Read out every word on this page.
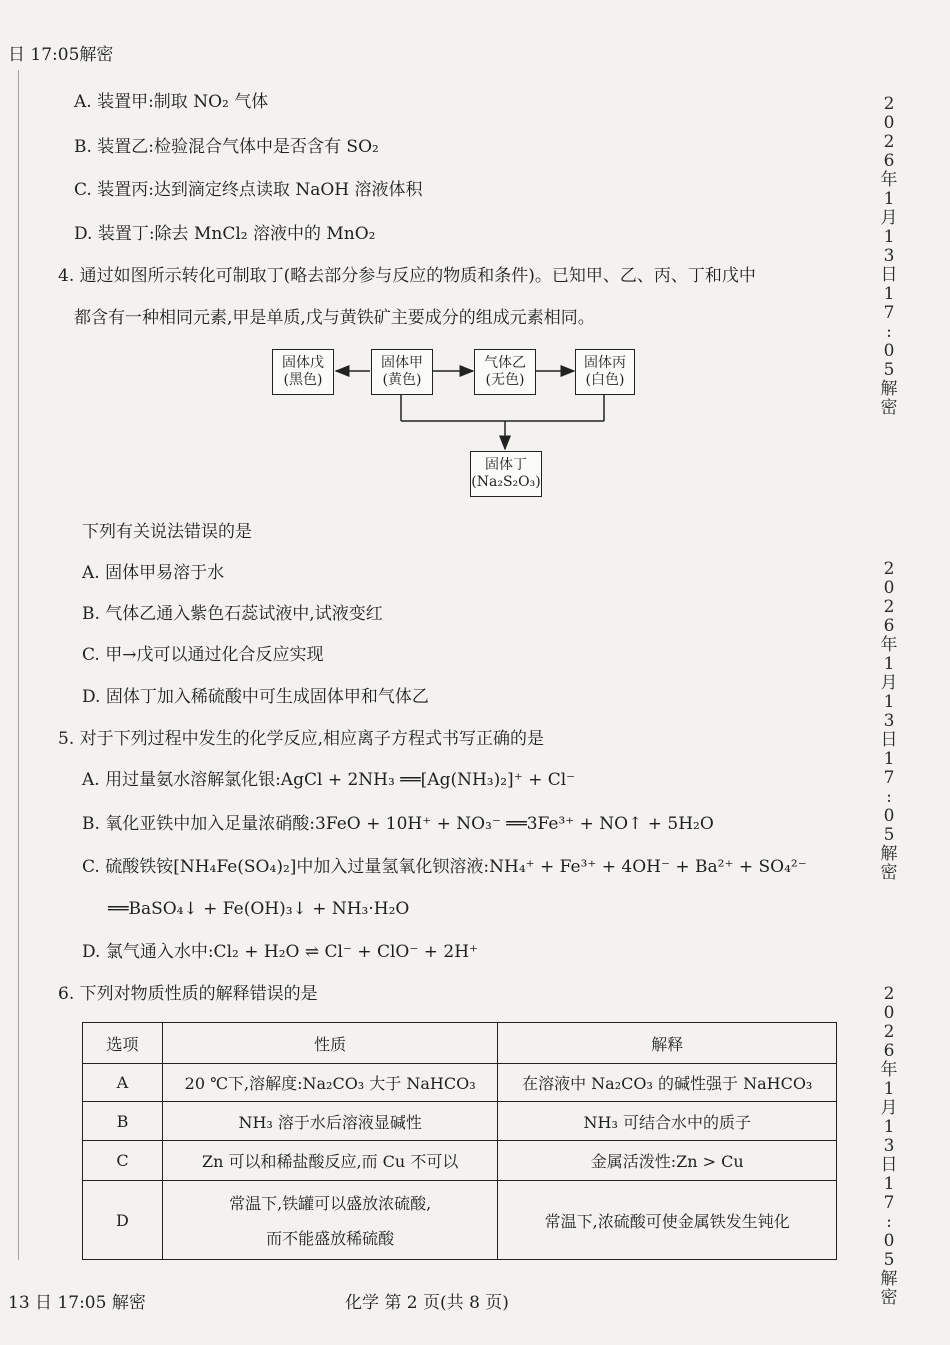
日 17:05解密
A. 装置甲:制取 NO₂ 气体
B. 装置乙:检验混合气体中是否含有 SO₂
C. 装置丙:达到滴定终点读取 NaOH 溶液体积
D. 装置丁:除去 MnCl₂ 溶液中的 MnO₂
4. 通过如图所示转化可制取丁(略去部分参与反应的物质和条件)。已知甲、乙、丙、丁和戊中
都含有一种相同元素,甲是单质,戊与黄铁矿主要成分的组成元素相同。
固体戊
(黑色)
固体甲
(黄色)
气体乙
(无色)
固体丙
(白色)
固体丁
(Na₂S₂O₃)
下列有关说法错误的是
A. 固体甲易溶于水
B. 气体乙通入紫色石蕊试液中,试液变红
C. 甲→戊可以通过化合反应实现
D. 固体丁加入稀硫酸中可生成固体甲和气体乙
5. 对于下列过程中发生的化学反应,相应离子方程式书写正确的是
A. 用过量氨水溶解氯化银:AgCl + 2NH₃ ══[Ag(NH₃)₂]⁺ + Cl⁻
B. 氧化亚铁中加入足量浓硝酸:3FeO + 10H⁺ + NO₃⁻ ══3Fe³⁺ + NO↑ + 5H₂O
C. 硫酸铁铵[NH₄Fe(SO₄)₂]中加入过量氢氧化钡溶液:NH₄⁺ + Fe³⁺ + 4OH⁻ + Ba²⁺ + SO₄²⁻
══BaSO₄↓ + Fe(OH)₃↓ + NH₃·H₂O
D. 氯气通入水中:Cl₂ + H₂O ⇌ Cl⁻ + ClO⁻ + 2H⁺
6. 下列对物质性质的解释错误的是
选项	性质	解释
A	20 ℃下,溶解度:Na₂CO₃ 大于 NaHCO₃	在溶液中 Na₂CO₃ 的碱性强于 NaHCO₃
B	NH₃ 溶于水后溶液显碱性	NH₃ 可结合水中的质子
C	Zn 可以和稀盐酸反应,而 Cu 不可以	金属活泼性:Zn > Cu
D	常温下,铁罐可以盛放浓硫酸,
而不能盛放稀硫酸	常温下,浓硫酸可使金属铁发生钝化
2
0
2
6
年
1
月
1
3
日
1
7
:
0
5
解
密
2
0
2
6
年
1
月
1
3
日
1
7
:
0
5
解
密
2
0
2
6
年
1
月
1
3
日
1
7
:
0
5
解
密
13 日 17:05 解密	化学 第 2 页(共 8 页)
